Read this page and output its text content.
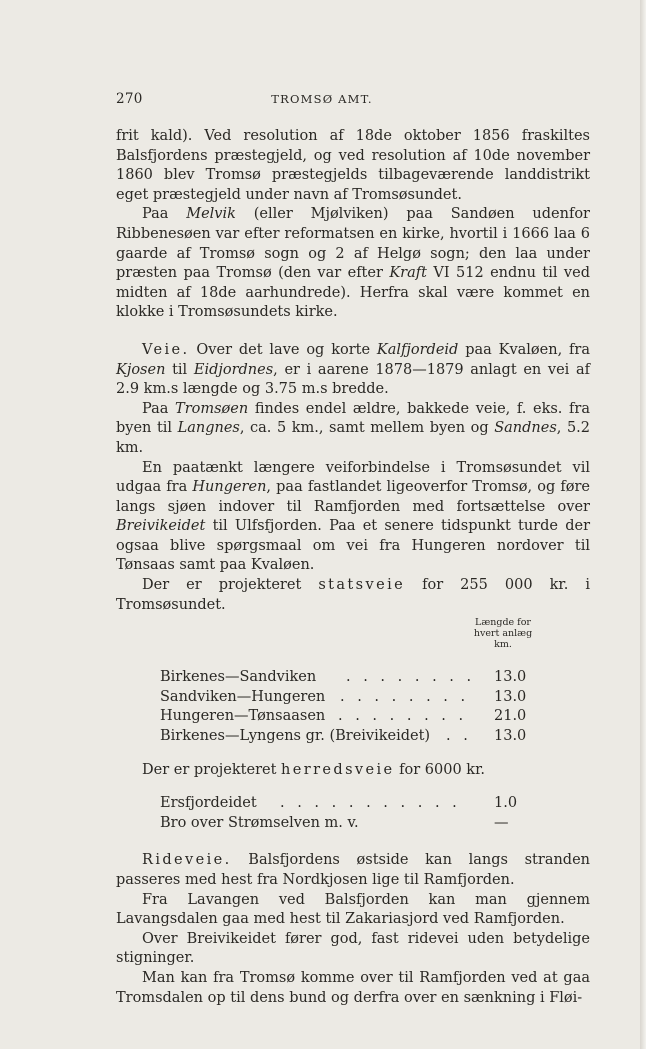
270	TROMSØ AMT.

frit kald). Ved resolution af 18de oktober 1856 fraskiltes Balsfjordens præstegjeld, og ved resolution af 10de november 1860 blev Tromsø præstegjelds tilbageværende landdistrikt eget præstegjeld under navn af Tromsøsundet.

Paa Melvik (eller Mjølviken) paa Sandøen udenfor Ribbenesøen var efter reformatsen en kirke, hvortil i 1666 laa 6 gaarde af Tromsø sogn og 2 af Helgø sogn; den laa under præsten paa Tromsø (den var efter Kraft VI 512 endnu til ved midten af 18de aarhundrede). Herfra skal være kommet en klokke i Tromsøsundets kirke.

Veie. Over det lave og korte Kalfjordeid paa Kvaløen, fra Kjosen til Eidjordnes, er i aarene 1878—1879 anlagt en vei af 2.9 km.s længde og 3.75 m.s bredde.

Paa Tromsøen findes endel ældre, bakkede veie, f. eks. fra byen til Langnes, ca. 5 km., samt mellem byen og Sandnes, 5.2 km.

En paatænkt længere veiforbindelse i Tromsøsundet vil udgaa fra Hungeren, paa fastlandet ligeoverfor Tromsø, og føre langs sjøen indover til Ramfjorden med fortsættelse over Breivikeidet til Ulfsfjorden. Paa et senere tidspunkt turde der ogsaa blive spørgsmaal om vei fra Hungeren nordover til Tønsaas samt paa Kvaløen.

Der er projekteret statsveie for 255 000 kr. i Tromsøsundet.

Længde for hvert anlæg km.
Birkenes—Sandviken . . . . . . . . 13.0
Sandviken—Hungeren . . . . . . . . 13.0
Hungeren—Tønsaasen . . . . . . . . 21.0
Birkenes—Lyngens gr. (Breivikeidet) . . 13.0

Der er projekteret herredsveie for 6000 kr.

Ersfjordeidet . . . . . . . . . . . 1.0
Bro over Strømselven m. v.	—

Rideveie. Balsfjordens østside kan langs stranden passeres med hest fra Nordkjosen lige til Ramfjorden.

Fra Lavangen ved Balsfjorden kan man gjennem Lavangsdalen gaa med hest til Zakariasjord ved Ramfjorden.

Over Breivikeidet fører god, fast ridevei uden betydelige stigninger.

Man kan fra Tromsø komme over til Ramfjorden ved at gaa Tromsdalen op til dens bund og derfra over en sænkning i Fløi-
